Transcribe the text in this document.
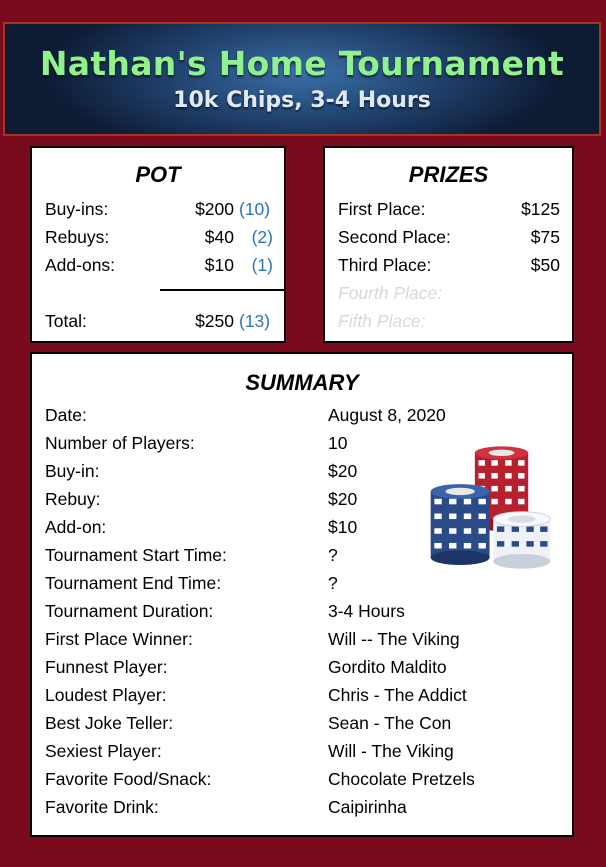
Nathan's Home Tournament
10k Chips, 3-4 Hours
POT
Buy-ins:	$200 (10)
Rebuys:	$40	(2)
Add-ons:	$10	(1)
Total:	$250 (13)
PRIZES
First Place:	$125
Second Place:	$75
Third Place:	$50
Fourth Place:
Fifth Place:
SUMMARY
Date:	August 8, 2020
Number of Players:	10
Buy-in:	$20
Rebuy:	$20
Add-on:	$10
Tournament Start Time:	?
Tournament End Time:	?
Tournament Duration:	3-4 Hours
First Place Winner:	Will -- The Viking
Funnest Player:	Gordito Maldito
Loudest Player:	Chris - The Addict
Best Joke Teller:	Sean - The Con
Sexiest Player:	Will - The Viking
Favorite Food/Snack:	Chocolate Pretzels
Favorite Drink:	Caipirinha
